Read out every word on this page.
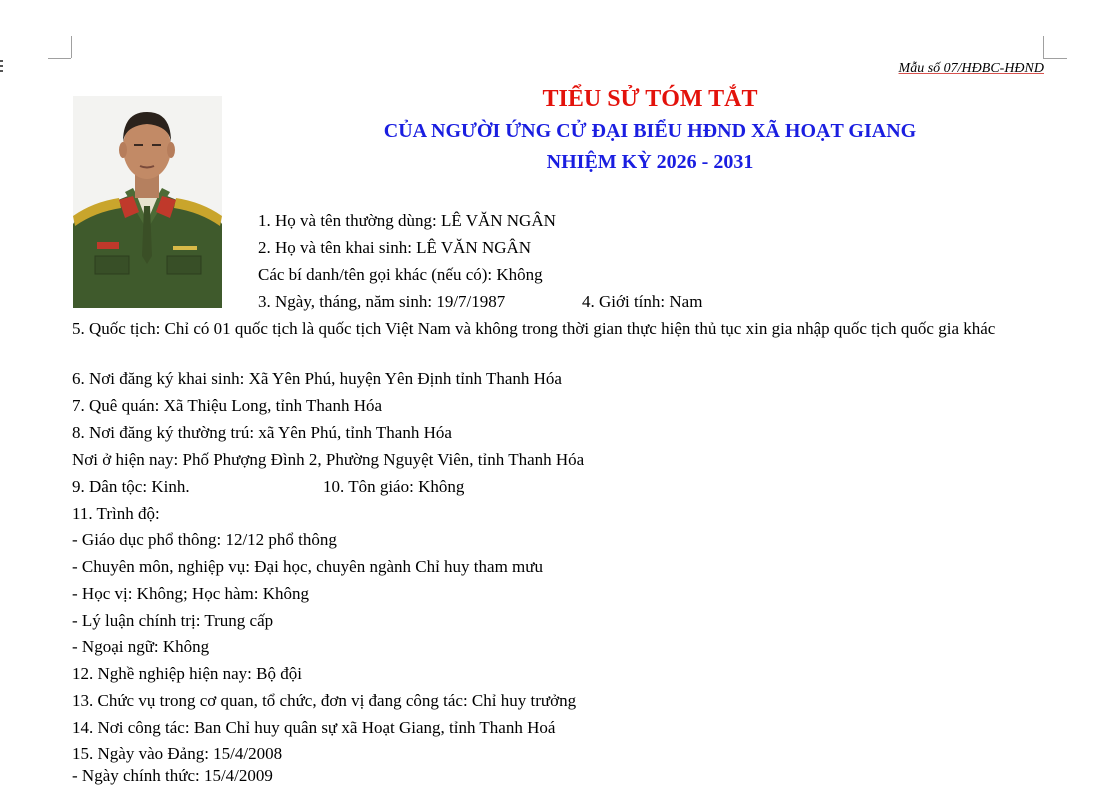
Mẫu số 07/HĐBC-HĐND
TIỂU SỬ TÓM TẮT
CỦA NGƯỜI ỨNG CỬ ĐẠI BIỂU HĐND XÃ HOẠT GIANG
NHIỆM KỲ 2026 - 2031
1. Họ và tên thường dùng: LÊ VĂN NGÂN
2. Họ và tên khai sinh: LÊ VĂN NGÂN
Các bí danh/tên gọi khác (nếu có): Không
3. Ngày, tháng, năm sinh: 19/7/1987	4. Giới tính: Nam
5. Quốc tịch: Chỉ có 01 quốc tịch là quốc tịch Việt Nam và không trong thời gian thực hiện thủ tục xin gia nhập quốc tịch quốc gia khác
6. Nơi đăng ký khai sinh: Xã Yên Phú, huyện Yên Định tỉnh Thanh Hóa
7. Quê quán: Xã Thiệu Long, tỉnh Thanh Hóa
8. Nơi đăng ký thường trú: xã Yên Phú, tỉnh Thanh Hóa
Nơi ở hiện nay: Phố Phượng Đình 2, Phường Nguyệt Viên, tỉnh Thanh Hóa
9. Dân tộc: Kinh.	10. Tôn giáo: Không
11. Trình độ:
- Giáo dục phổ thông: 12/12 phổ thông
- Chuyên môn, nghiệp vụ: Đại học, chuyên ngành Chỉ huy tham mưu
- Học vị: Không; Học hàm: Không
- Lý luận chính trị: Trung cấp
- Ngoại ngữ: Không
12. Nghề nghiệp hiện nay: Bộ đội
13. Chức vụ trong cơ quan, tổ chức, đơn vị đang công tác: Chỉ huy trưởng
14. Nơi công tác: Ban Chỉ huy quân sự xã Hoạt Giang, tỉnh Thanh Hoá
15. Ngày vào Đảng: 15/4/2008
- Ngày chính thức: 15/4/2009
